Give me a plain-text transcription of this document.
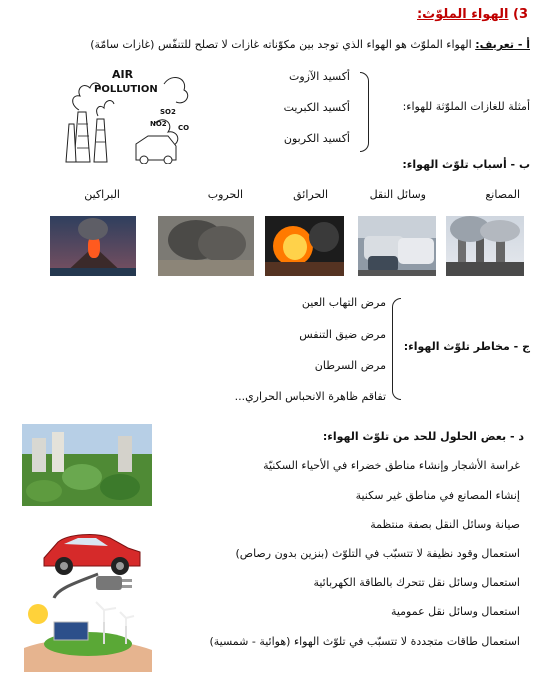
3) الهواء الملوّث:
أ - تعريف: الهواء الملوّث هو الهواء الذي توجد بين مكوّناته غازات لا تصلح للتنفّس (غازات سامّة)
أمثلة للغازات الملوّثة للهواء:
أكسيد الآزوت
أكسيد الكبريت
أكسيد الكربون
AIR
POLLUTION
SO2
NO2 CO
ب - أسباب تلوّث الهواء:
المصانع
وسائل النقل
الحرائق
الحروب
البراكين
ج - مخاطر تلوّث الهواء:
مرض التهاب العين
مرض ضيق التنفس
مرض السرطان
تفاقم ظاهرة الانحباس الحراري...
د - بعض الحلول للحد من تلوّث الهواء:
غراسة الأشجار وإنشاء مناطق خضراء في الأحياء السكنيّة
إنشاء المصانع في مناطق غير سكنية
صيانة وسائل النقل بصفة منتظمة
استعمال وقود نظيفة لا تتسبّب في التلوّث (بنزين بدون رصاص)
استعمال وسائل نقل تتحرك بالطاقة الكهربائية
استعمال وسائل نقل عمومية
استعمال طاقات متجددة لا تتسبّب في تلوّث الهواء (هوائية - شمسية)
